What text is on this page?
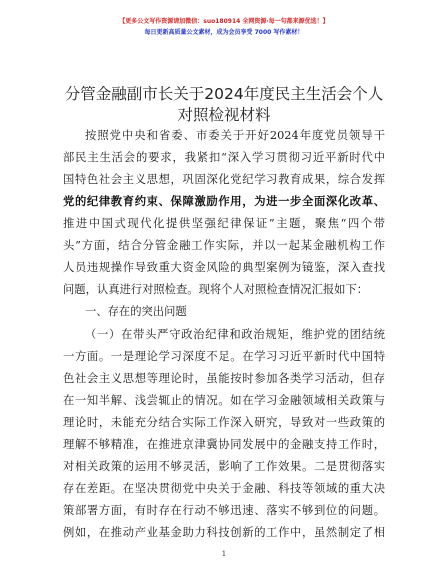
【更多公文写作资源请加微信：suo180914 全网资源·每一句都来源优选！】
每日更新高质量公文素材，成为会员享受 7000 写作素材！
分管金融副市长关于2024年度民主生活会个人
对照检视材料
按照党中央和省委、市委关于开好2024年度党员领导干
部民主生活会的要求，我紧扣“深入学习贯彻习近平新时代中
国特色社会主义思想，巩固深化党纪学习教育成果，综合发挥
党的纪律教育约束、保障激励作用，为进一步全面深化改革、
推进中国式现代化提供坚强纪律保证”主题，聚焦“四个带
头”方面，结合分管金融工作实际，并以一起某金融机构工作
人员违规操作导致重大资金风险的典型案例为镜鉴，深入查找
问题，认真进行对照检查。现将个人对照检查情况汇报如下：
一、存在的突出问题
（一）在带头严守政治纪律和政治规矩，维护党的团结统
一方面。一是理论学习深度不足。在学习习近平新时代中国特
色社会主义思想等理论时，虽能按时参加各类学习活动，但存
在一知半解、浅尝辄止的情况。如在学习金融领域相关政策与
理论时，未能充分结合实际工作深入研究，导致对一些政策的
理解不够精准，在推进京津冀协同发展中的金融支持工作时，
对相关政策的运用不够灵活，影响了工作效果。二是贯彻落实
存在差距。在坚决贯彻党中央关于金融、科技等领域的重大决
策部署方面，有时存在行动不够迅速、落实不够到位的问题。
例如，在推动产业基金助力科技创新的工作中，虽然制定了相
1
